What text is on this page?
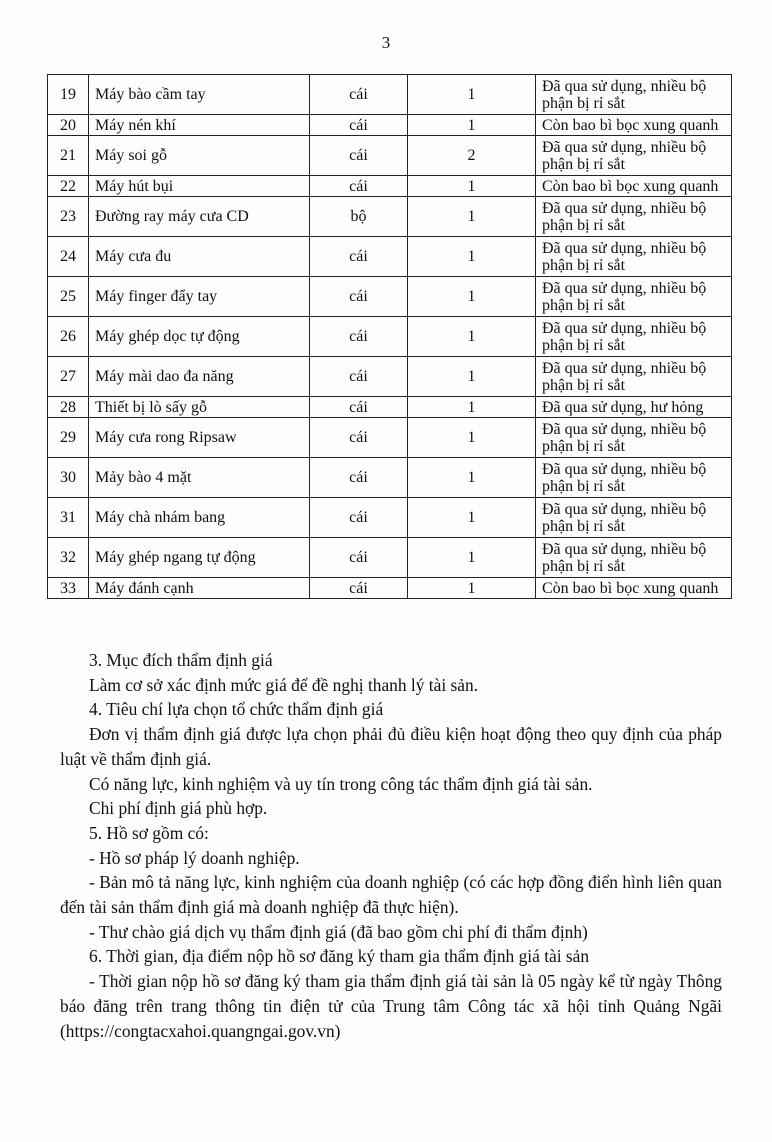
3
19	Máy bào cầm tay	cái	1	Đã qua sử dụng, nhiều bộ phận bị rỉ sắt
20	Máy nén khí	cái	1	Còn bao bì bọc xung quanh
21	Máy soi gỗ	cái	2	Đã qua sử dụng, nhiều bộ phận bị rỉ sắt
22	Máy hút bụi	cái	1	Còn bao bì bọc xung quanh
23	Đường ray máy cưa CD	bộ	1	Đã qua sử dụng, nhiều bộ phận bị rỉ sắt
24	Máy cưa đu	cái	1	Đã qua sử dụng, nhiều bộ phận bị rỉ sắt
25	Máy finger đẩy tay	cái	1	Đã qua sử dụng, nhiều bộ phận bị rỉ sắt
26	Máy ghép dọc tự động	cái	1	Đã qua sử dụng, nhiều bộ phận bị rỉ sắt
27	Máy mài dao đa năng	cái	1	Đã qua sử dụng, nhiều bộ phận bị rỉ sắt
28	Thiết bị lò sấy gỗ	cái	1	Đã qua sử dụng, hư hỏng
29	Máy cưa rong Ripsaw	cái	1	Đã qua sử dụng, nhiều bộ phận bị rỉ sắt
30	Mảy bào 4 mặt	cái	1	Đã qua sử dụng, nhiều bộ phận bị rỉ sắt
31	Máy chà nhám bang	cái	1	Đã qua sử dụng, nhiều bộ phận bị rỉ sắt
32	Máy ghép ngang tự động	cái	1	Đã qua sử dụng, nhiều bộ phận bị rỉ sắt
33	Máy đánh cạnh	cái	1	Còn bao bì bọc xung quanh

3. Mục đích thẩm định giá

Làm cơ sở xác định mức giá để đề nghị thanh lý tài sản.

4. Tiêu chí lựa chọn tổ chức thẩm định giá

Đơn vị thẩm định giá được lựa chọn phải đủ điều kiện hoạt động theo quy định của pháp luật về thẩm định giá.

Có năng lực, kinh nghiệm và uy tín trong công tác thẩm định giá tài sản.

Chi phí định giá phù hợp.

5. Hồ sơ gồm có:

- Hồ sơ pháp lý doanh nghiệp.

- Bản mô tả năng lực, kinh nghiệm của doanh nghiệp (có các hợp đồng điển hình liên quan đến tài sản thẩm định giá mà doanh nghiệp đã thực hiện).

- Thư chào giá dịch vụ thẩm định giá (đã bao gồm chi phí đi thẩm định)

6. Thời gian, địa điểm nộp hồ sơ đăng ký tham gia thẩm định giá tài sản

- Thời gian nộp hồ sơ đăng ký tham gia thẩm định giá tài sản là 05 ngày kể từ ngày Thông báo đăng trên trang thông tin điện tử của Trung tâm Công tác xã hội tỉnh Quảng Ngãi (https://congtacxahoi.quangngai.gov.vn)
